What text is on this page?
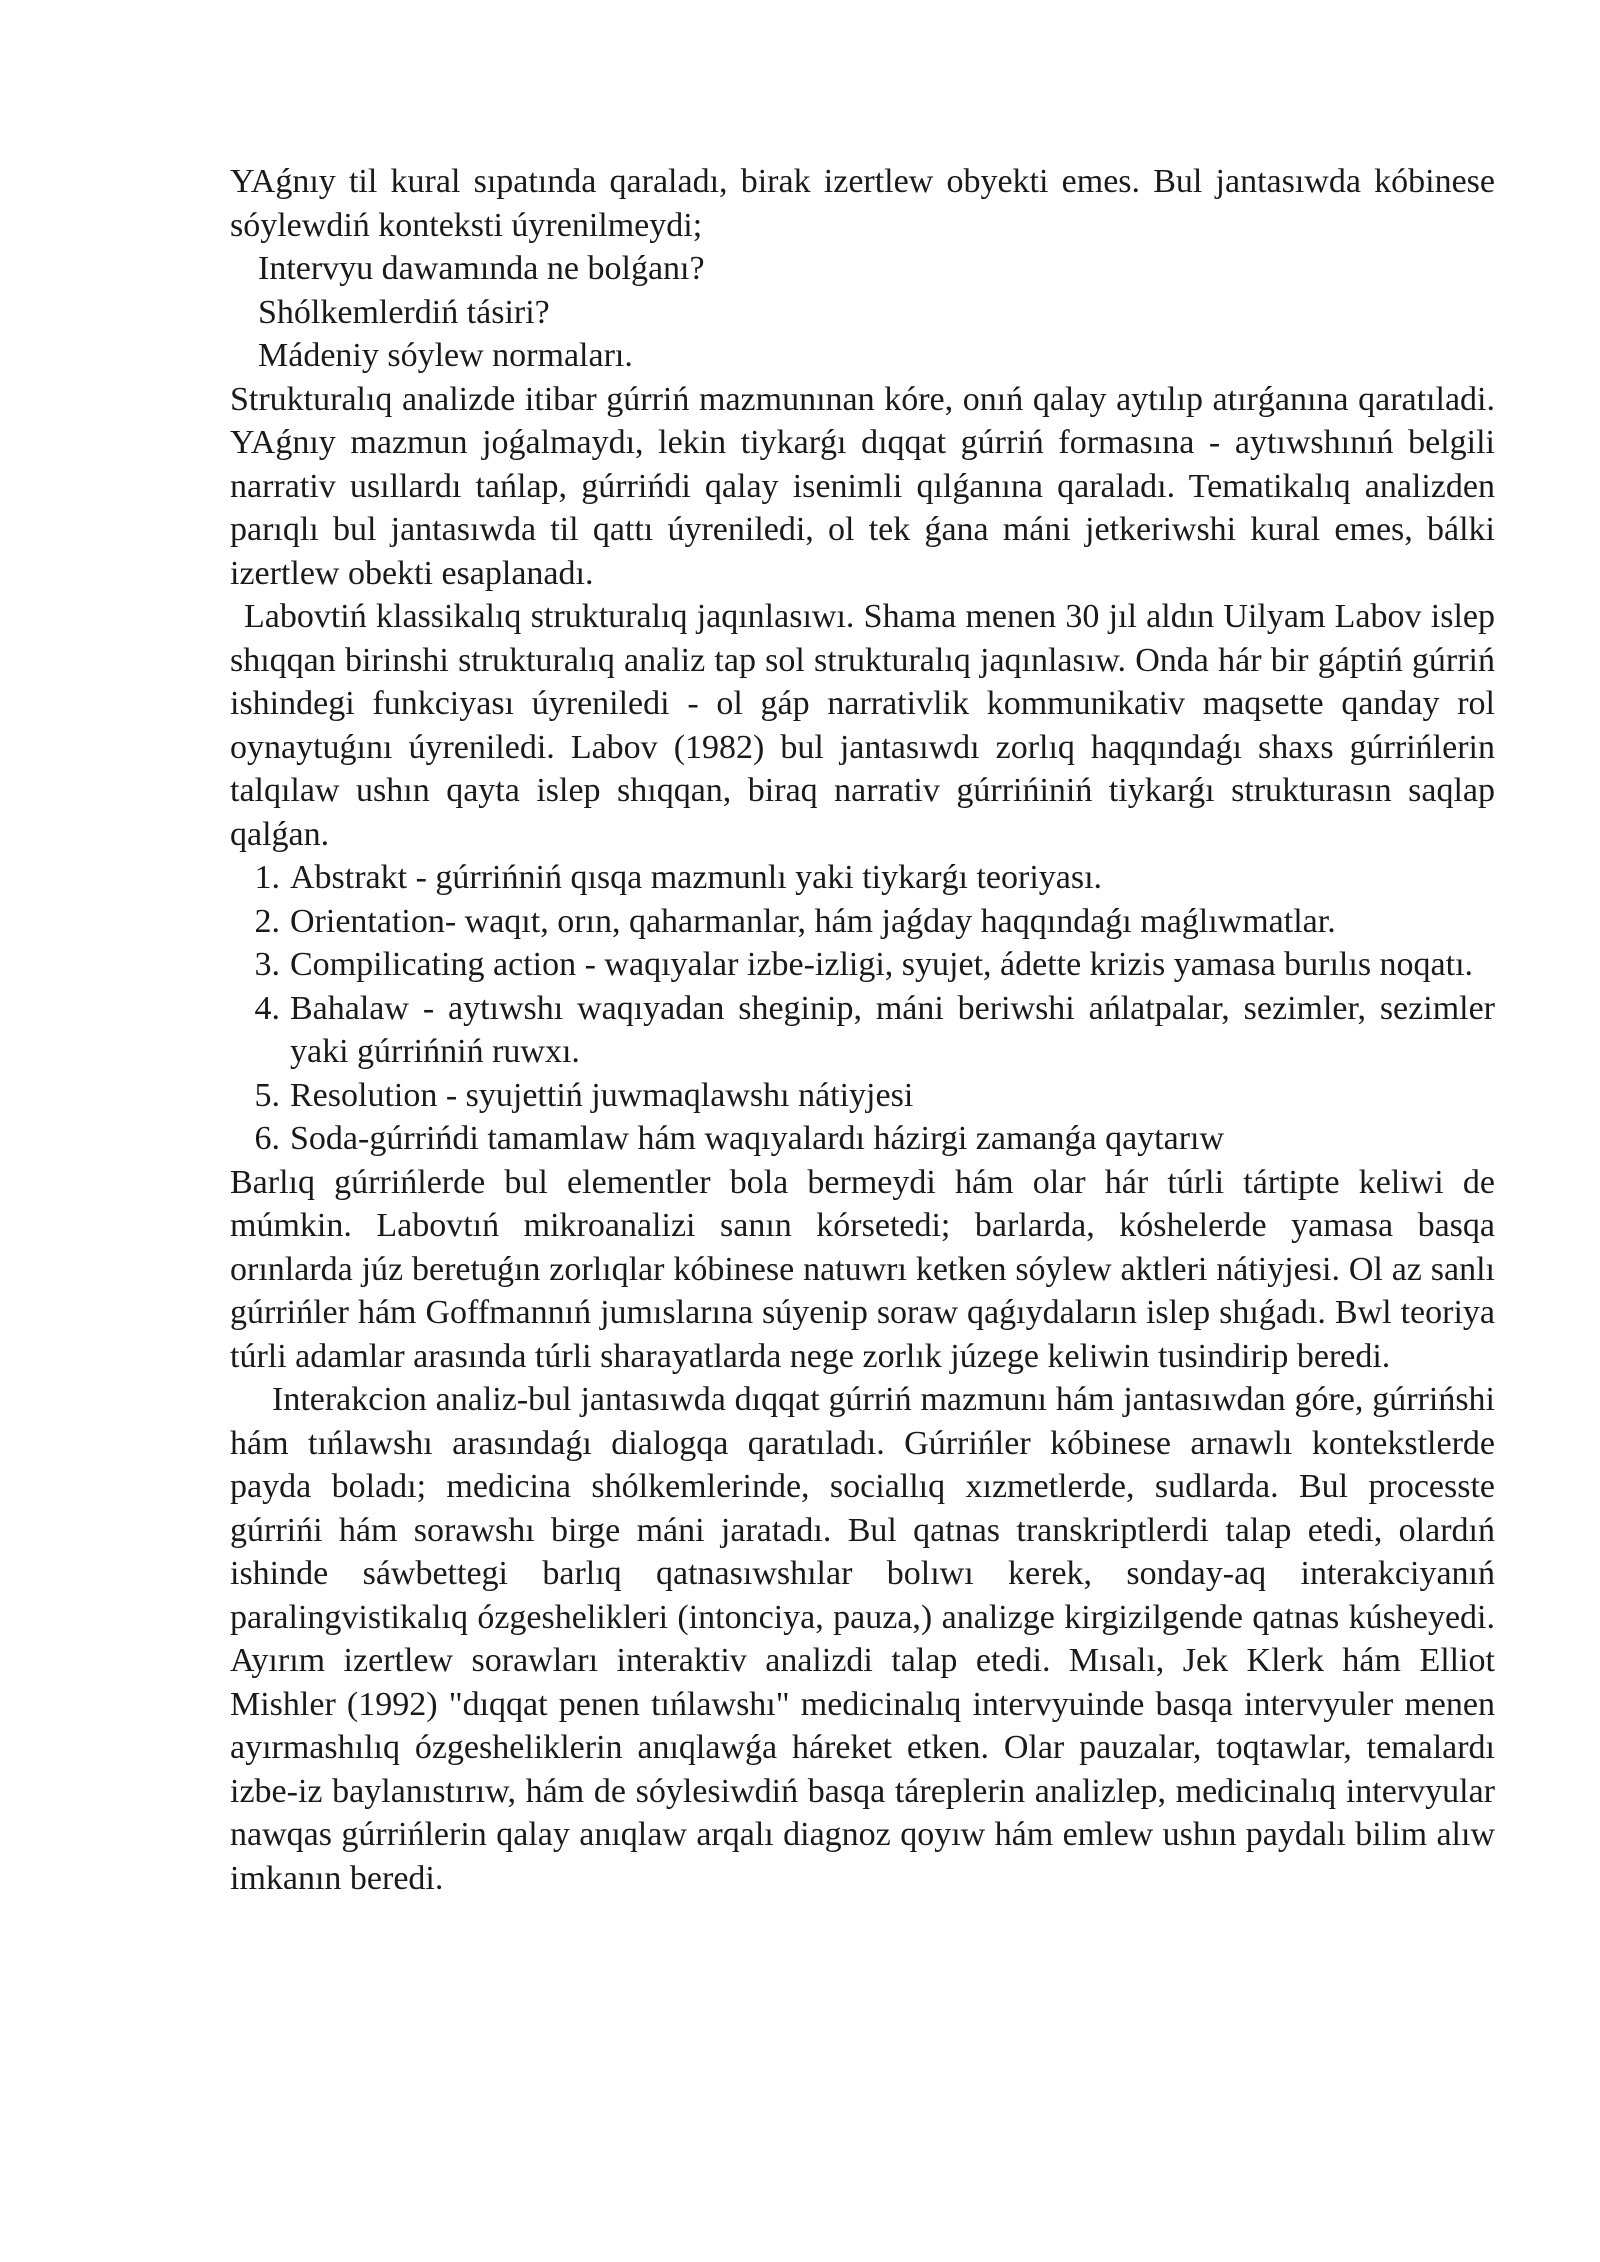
YAǵnıy til kural sıpatında qaraladı, birak izertlew obyekti emes. Bul jantasıwda kóbinese sóylewdiń konteksti úyrenilmeydi;

Intervyu dawamında ne bolǵanı?

Shólkemlerdiń tásiri?

Mádeniy sóylew normaları.

Strukturalıq analizde itibar gúrriń mazmunınan kóre, onıń qalay aytılıp atırǵanına qaratıladi. YAǵnıy mazmun joǵalmaydı, lekin tiykarǵı dıqqat gúrriń formasına - aytıwshınıń belgili narrativ usıllardı tańlap, gúrrińdi qalay isenimli qılǵanına qaraladı. Tematikalıq analizden parıqlı bul jantasıwda til qattı úyreniledi, ol tek ǵana máni jetkeriwshi kural emes, bálki izertlew obekti esaplanadı.

Labovtiń klassikalıq strukturalıq jaqınlasıwı. Shama menen 30 jıl aldın Uilyam Labov islep shıqqan birinshi strukturalıq analiz tap sol strukturalıq jaqınlasıw. Onda hár bir gáptiń gúrriń ishindegi funkciyası úyreniledi - ol gáp narrativlik kommunikativ maqsette qanday rol oynaytuǵını úyreniledi. Labov (1982) bul jantasıwdı zorlıq haqqındaǵı shaxs gúrrińlerin talqılaw ushın qayta islep shıqqan, biraq narrativ gúrrińiniń tiykarǵı strukturasın saqlap qalǵan.

1. Abstrakt - gúrrińniń qısqa mazmunlı yaki tiykarǵı teoriyası.
2. Orientation- waqıt, orın, qaharmanlar, hám jaǵday haqqındaǵı maǵlıwmatlar.
3. Compilicating action - waqıyalar izbe-izligi, syujet, ádette krizis yamasa burılıs noqatı.
4. Bahalaw - aytıwshı waqıyadan sheginip, máni beriwshi ańlatpalar, sezimler, sezimler yaki gúrrińniń ruwxı.
5. Resolution - syujettiń juwmaqlawshı nátiyjesi
6. Soda-gúrrińdi tamamlaw hám waqıyalardı házirgi zamanǵa qaytarıw

Barlıq gúrrińlerde bul elementler bola bermeydi hám olar hár túrli tártipte keliwi de múmkin. Labovtıń mikroanalizi sanın kórsetedi; barlarda, kóshelerde yamasa basqa orınlarda júz beretuǵın zorlıqlar kóbinese natuwrı ketken sóylew aktleri nátiyjesi. Ol az sanlı gúrrińler hám Goffmannıń jumıslarına súyenip soraw qaǵıydaların islep shıǵadı. Bwl teoriya túrli adamlar arasında túrli sharayatlarda nege zorlık júzege keliwin tusindirip beredi.

Interakcion analiz-bul jantasıwda dıqqat gúrriń mazmunı hám jantasıwdan góre, gúrrińshi hám tıńlawshı arasındaǵı dialogqa qaratıladı. Gúrrińler kóbinese arnawlı kontekstlerde payda boladı; medicina shólkemlerinde, sociallıq xızmetlerde, sudlarda. Bul processte gúrrińi hám sorawshı birge máni jaratadı. Bul qatnas transkriptlerdi talap etedi, olardıń ishinde sáwbettegi barlıq qatnasıwshılar bolıwı kerek, sonday-aq interakciyanıń paralingvistikalıq ózgeshelikleri (intonciya, pauza,) analizge kirgizilgende qatnas kúsheyedi. Ayırım izertlew sorawları interaktiv analizdi talap etedi. Mısalı, Jek Klerk hám Elliot Mishler (1992) "dıqqat penen tıńlawshı" medicinalıq intervyuinde basqa intervyuler menen ayırmashılıq ózgesheliklerin anıqlawǵa háreket etken. Olar pauzalar, toqtawlar, temalardı izbe-iz baylanıstırıw, hám de sóylesiwdiń basqa táreplerin analizlep, medicinalıq intervyular nawqas gúrrińlerin qalay anıqlaw arqalı diagnoz qoyıw hám emlew ushın paydalı bilim alıw imkanın beredi.
